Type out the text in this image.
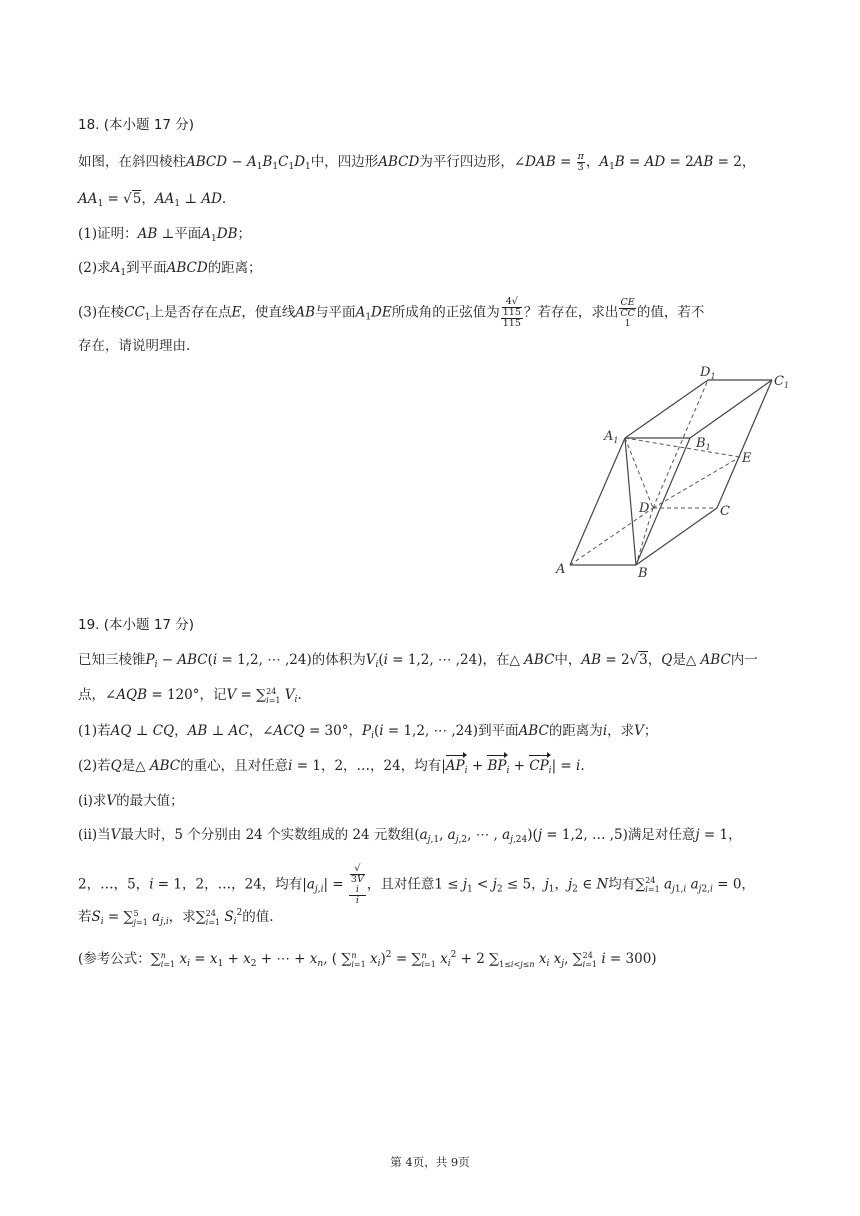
18. (本小题 17 分)
如图，在斜四棱柱ABCD − $A_1B_1C_1D_1$中，四边形ABCD为平行四边形，∠DAB = $\frac{\pi}{3}$ ，$A_1B$ = AD = 2AB = 2，
$AA_1 = √5$，$AA_1$ ⊥ AD.
(1)证明：AB ⊥平面$A_1DB$；
(2)求$A_1$到平面ABCD的距离；
(3)在棱$CC_1$上是否存在点E，使直线AB与平面$A_1DE$所成角的正弦值为 4√
115
115 ？若存在，求出 CE
CC
1 的值，若不
存在，请说明理由.
$D_1$	$C_1$
$A_1$	$B_1$
E
D	C
A	B
19. (本小题 17 分)
已知三棱锥$P_i - ABC(i = 1,2$, ⋯ ,24)的体积为$V_i(i = 1,2$, ⋯ ,24)，在△ ABC中，AB = 2√3，Q是△ ABC内一
点，∠AQB = 120°，记V = ∑ 24
i=1 $V_i$.
(1)若AQ ⊥ CQ，AB ⊥ AC，∠ACQ = 30°，$P_i(i = 1,2$, ⋯ ,24)到平面ABC的距离为i，求V；
(2)若Q是△ ABC的重心，且对任意i = 1，2，…，24，均有$|AP_i + BP_i + CP_i| = i$.
(i)求V的最大值；
(ii)当V最大时，5 个分别由 24 个实数组成的 24 元数组($a_{j,1}$, $a_{j,2}$, ⋯ , $a_{j,24})(j = 1,2$, … ,5)满足对任意j = 1，
2，…，5，i = 1，2，…，24，均有$|a_{j,i}|$ = √
3V
i
i ，且对任意$1 \le j_1 < j_2 \le 5$，$j_1$，$j_2$ ∈ N均有∑ 24
i=1 $a_{j1,i}$ $a_{j2,i} = 0$，
若$S_i$ = ∑ 5
j=1 $a_{j,i}$，求∑ 24
i=1 $S_i^2$的值.
(参考公式：∑ n
i=1 $x_i = x_1 + x_2$ + ⋯ + $x_n$, ( ∑ n
i=1 $x_i)^2$ = ∑ n
i=1 $x_i^2 + 2$ ∑
1≤i<j≤n $x_i$ $x_j$, ∑ 24
i=1 i = 300)
第 4页，共 9页
